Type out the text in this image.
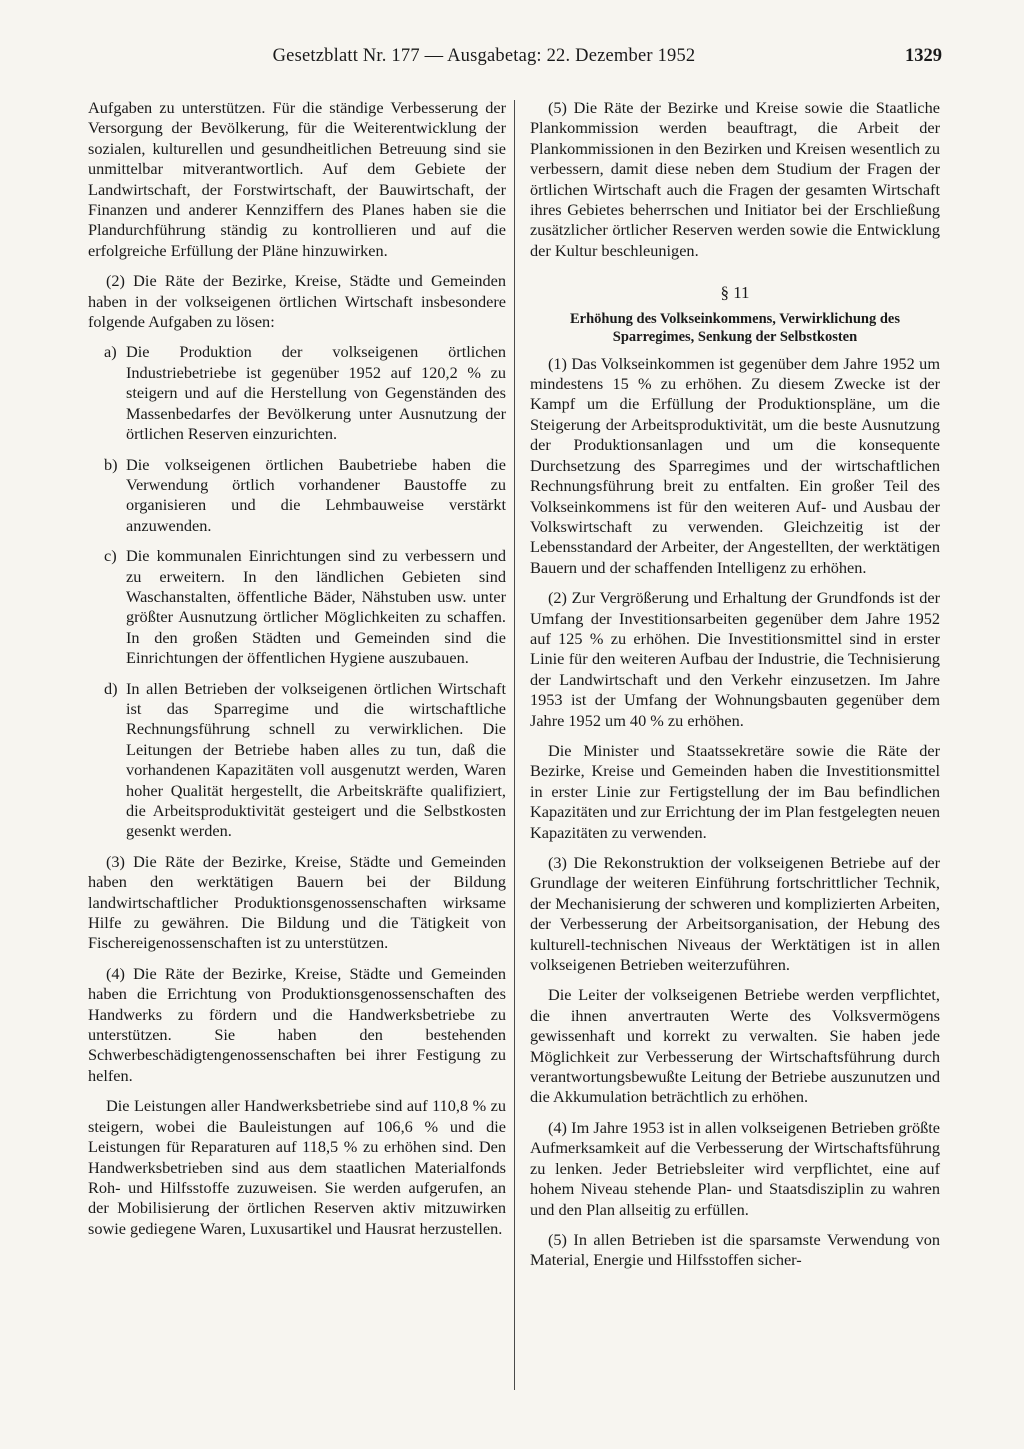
Gesetzblatt Nr. 177 — Ausgabetag: 22. Dezember 1952	1329

Aufgaben zu unterstützen. Für die ständige Verbesserung der Versorgung der Bevölkerung, für die Weiterentwicklung der sozialen, kulturellen und gesundheitlichen Betreuung sind sie unmittelbar mitverantwortlich. Auf dem Gebiete der Landwirtschaft, der Forstwirtschaft, der Bauwirtschaft, der Finanzen und anderer Kennziffern des Planes haben sie die Plandurchführung ständig zu kontrollieren und auf die erfolgreiche Erfüllung der Pläne hinzuwirken.

(2) Die Räte der Bezirke, Kreise, Städte und Gemeinden haben in der volkseigenen örtlichen Wirtschaft insbesondere folgende Aufgaben zu lösen:

a) Die Produktion der volkseigenen örtlichen Industriebetriebe ist gegenüber 1952 auf 120,2 % zu steigern und auf die Herstellung von Gegenständen des Massenbedarfes der Bevölkerung unter Ausnutzung der örtlichen Reserven einzurichten.
b) Die volkseigenen örtlichen Baubetriebe haben die Verwendung örtlich vorhandener Baustoffe zu organisieren und die Lehmbauweise verstärkt anzuwenden.
c) Die kommunalen Einrichtungen sind zu verbessern und zu erweitern. In den ländlichen Gebieten sind Waschanstalten, öffentliche Bäder, Nähstuben usw. unter größter Ausnutzung örtlicher Möglichkeiten zu schaffen. In den großen Städten und Gemeinden sind die Einrichtungen der öffentlichen Hygiene auszubauen.
d) In allen Betrieben der volkseigenen örtlichen Wirtschaft ist das Sparregime und die wirtschaftliche Rechnungsführung schnell zu verwirklichen. Die Leitungen der Betriebe haben alles zu tun, daß die vorhandenen Kapazitäten voll ausgenutzt werden, Waren hoher Qualität hergestellt, die Arbeitskräfte qualifiziert, die Arbeitsproduktivität gesteigert und die Selbstkosten gesenkt werden.

(3) Die Räte der Bezirke, Kreise, Städte und Gemeinden haben den werktätigen Bauern bei der Bildung landwirtschaftlicher Produktionsgenossenschaften wirksame Hilfe zu gewähren. Die Bildung und die Tätigkeit von Fischereigenossenschaften ist zu unterstützen.

(4) Die Räte der Bezirke, Kreise, Städte und Gemeinden haben die Errichtung von Produktionsgenossenschaften des Handwerks zu fördern und die Handwerksbetriebe zu unterstützen. Sie haben den bestehenden Schwerbeschädigtengenossenschaften bei ihrer Festigung zu helfen.

Die Leistungen aller Handwerksbetriebe sind auf 110,8 % zu steigern, wobei die Bauleistungen auf 106,6 % und die Leistungen für Reparaturen auf 118,5 % zu erhöhen sind. Den Handwerksbetrieben sind aus dem staatlichen Materialfonds Roh- und Hilfsstoffe zuzuweisen. Sie werden aufgerufen, an der Mobilisierung der örtlichen Reserven aktiv mitzuwirken sowie gediegene Waren, Luxusartikel und Hausrat herzustellen.

(5) Die Räte der Bezirke und Kreise sowie die Staatliche Plankommission werden beauftragt, die Arbeit der Plankommissionen in den Bezirken und Kreisen wesentlich zu verbessern, damit diese neben dem Studium der Fragen der örtlichen Wirtschaft auch die Fragen der gesamten Wirtschaft ihres Gebietes beherrschen und Initiator bei der Erschließung zusätzlicher örtlicher Reserven werden sowie die Entwicklung der Kultur beschleunigen.

§ 11
Erhöhung des Volkseinkommens, Verwirklichung des Sparregimes, Senkung der Selbstkosten

(1) Das Volkseinkommen ist gegenüber dem Jahre 1952 um mindestens 15 % zu erhöhen. Zu diesem Zwecke ist der Kampf um die Erfüllung der Produktionspläne, um die Steigerung der Arbeitsproduktivität, um die beste Ausnutzung der Produktionsanlagen und um die konsequente Durchsetzung des Sparregimes und der wirtschaftlichen Rechnungsführung breit zu entfalten. Ein großer Teil des Volkseinkommens ist für den weiteren Auf- und Ausbau der Volkswirtschaft zu verwenden. Gleichzeitig ist der Lebensstandard der Arbeiter, der Angestellten, der werktätigen Bauern und der schaffenden Intelligenz zu erhöhen.

(2) Zur Vergrößerung und Erhaltung der Grundfonds ist der Umfang der Investitionsarbeiten gegenüber dem Jahre 1952 auf 125 % zu erhöhen. Die Investitionsmittel sind in erster Linie für den weiteren Aufbau der Industrie, die Technisierung der Landwirtschaft und den Verkehr einzusetzen. Im Jahre 1953 ist der Umfang der Wohnungsbauten gegenüber dem Jahre 1952 um 40 % zu erhöhen.

Die Minister und Staatssekretäre sowie die Räte der Bezirke, Kreise und Gemeinden haben die Investitionsmittel in erster Linie zur Fertigstellung der im Bau befindlichen Kapazitäten und zur Errichtung der im Plan festgelegten neuen Kapazitäten zu verwenden.

(3) Die Rekonstruktion der volkseigenen Betriebe auf der Grundlage der weiteren Einführung fortschrittlicher Technik, der Mechanisierung der schweren und komplizierten Arbeiten, der Verbesserung der Arbeitsorganisation, der Hebung des kulturell-technischen Niveaus der Werktätigen ist in allen volkseigenen Betrieben weiterzuführen.

Die Leiter der volkseigenen Betriebe werden verpflichtet, die ihnen anvertrauten Werte des Volksvermögens gewissenhaft und korrekt zu verwalten. Sie haben jede Möglichkeit zur Verbesserung der Wirtschaftsführung durch verantwortungsbewußte Leitung der Betriebe auszunutzen und die Akkumulation beträchtlich zu erhöhen.

(4) Im Jahre 1953 ist in allen volkseigenen Betrieben größte Aufmerksamkeit auf die Verbesserung der Wirtschaftsführung zu lenken. Jeder Betriebsleiter wird verpflichtet, eine auf hohem Niveau stehende Plan- und Staatsdisziplin zu wahren und den Plan allseitig zu erfüllen.

(5) In allen Betrieben ist die sparsamste Verwendung von Material, Energie und Hilfsstoffen sicher-
